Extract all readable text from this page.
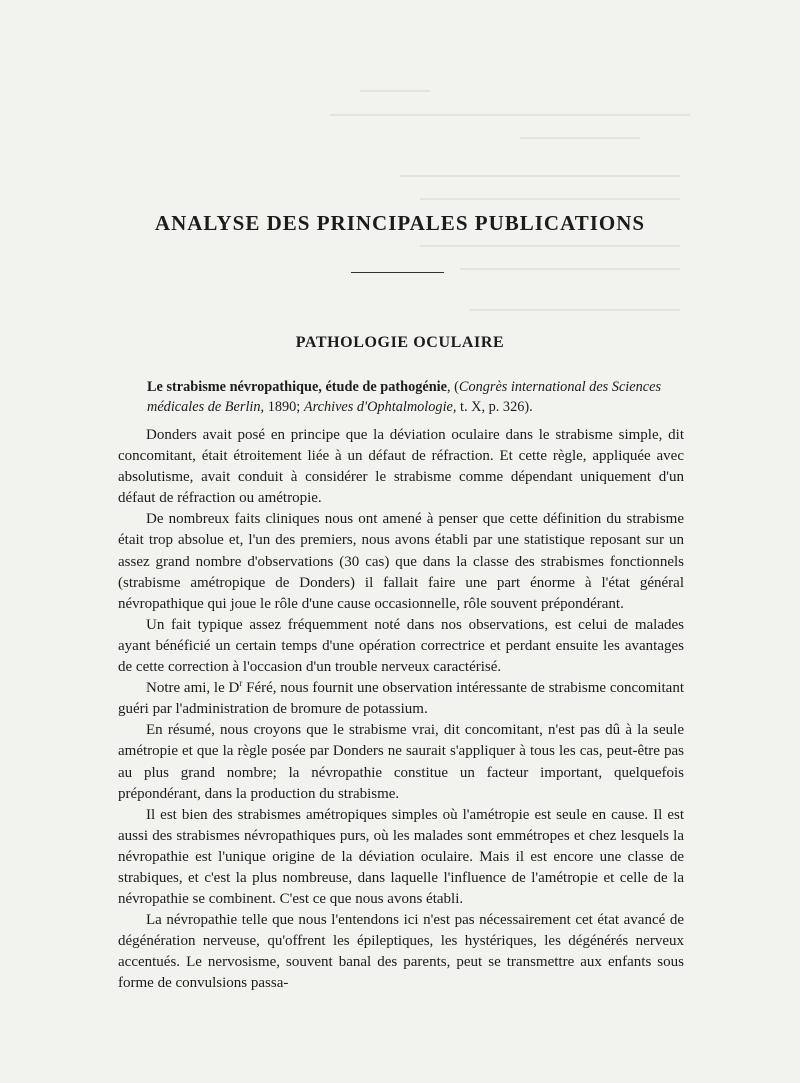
ANALYSE DES PRINCIPALES PUBLICATIONS
PATHOLOGIE OCULAIRE
Le strabisme névropathique, étude de pathogénie, (Congrès international des Sciences médicales de Berlin, 1890; Archives d'Ophtalmologie, t. X, p. 326).

Donders avait posé en principe que la déviation oculaire dans le strabisme simple, dit concomitant, était étroitement liée à un défaut de réfraction. Et cette règle, appliquée avec absolutisme, avait conduit à considérer le strabisme comme dépendant uniquement d'un défaut de réfraction ou amétropie.

De nombreux faits cliniques nous ont amené à penser que cette définition du strabisme était trop absolue et, l'un des premiers, nous avons établi par une statistique reposant sur un assez grand nombre d'observations (30 cas) que dans la classe des strabismes fonctionnels (strabisme amétropique de Donders) il fallait faire une part énorme à l'état général névropathique qui joue le rôle d'une cause occasionnelle, rôle souvent prépondérant.

Un fait typique assez fréquemment noté dans nos observations, est celui de malades ayant bénéficié un certain temps d'une opération correctrice et perdant ensuite les avantages de cette correction à l'occasion d'un trouble nerveux caractérisé.

Notre ami, le $D^r$ Féré, nous fournit une observation intéressante de strabisme concomitant guéri par l'administration de bromure de potassium.

En résumé, nous croyons que le strabisme vrai, dit concomitant, n'est pas dû à la seule amétropie et que la règle posée par Donders ne saurait s'appliquer à tous les cas, peut-être pas au plus grand nombre; la névropathie constitue un facteur important, quelquefois prépondérant, dans la production du strabisme.

Il est bien des strabismes amétropiques simples où l'amétropie est seule en cause. Il est aussi des strabismes névropathiques purs, où les malades sont emmétropes et chez lesquels la névropathie est l'unique origine de la déviation oculaire. Mais il est encore une classe de strabiques, et c'est la plus nombreuse, dans laquelle l'influence de l'amétropie et celle de la névropathie se combinent. C'est ce que nous avons établi.

La névropathie telle que nous l'entendons ici n'est pas nécessairement cet état avancé de dégénération nerveuse, qu'offrent les épileptiques, les hystériques, les dégénérés nerveux accentués. Le nervosisme, souvent banal des parents, peut se transmettre aux enfants sous forme de convulsions passa-
